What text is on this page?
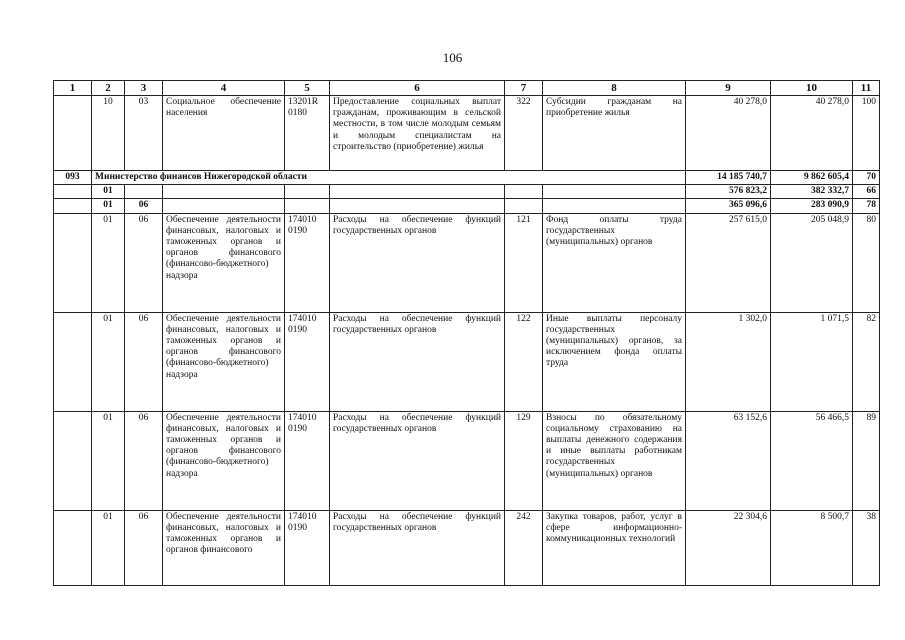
106
1	2	3	4	5	6	7	8	9	10	11
	10	03	Социальное обеспечение населения	13201R 0180	Предоставление социальных выплат гражданам, проживающим в сельской местности, в том числе молодым семьям и молодым специалистам на строительство (приобретение) жилья	322	Субсидии гражданам на приобретение жилья	40 278,0	40 278,0	100
093	Министерство финансов Нижегородской области							14 185 740,7	9 862 605,4	70
	01							576 823,2	382 332,7	66
	01	06						365 096,6	283 090,9	78
	01	06	Обеспечение деятельности финансовых, налоговых и таможенных органов и органов финансового (финансово-бюджетного) надзора	174010 0190	Расходы на обеспечение функций государственных органов	121	Фонд оплаты труда государственных (муниципальных) органов	257 615,0	205 048,9	80
	01	06	Обеспечение деятельности финансовых, налоговых и таможенных органов и органов финансового (финансово-бюджетного) надзора	174010 0190	Расходы на обеспечение функций государственных органов	122	Иные выплаты персоналу государственных (муниципальных) органов, за исключением фонда оплаты труда	1 302,0	1 071,5	82
	01	06	Обеспечение деятельности финансовых, налоговых и таможенных органов и органов финансового (финансово-бюджетного) надзора	174010 0190	Расходы на обеспечение функций государственных органов	129	Взносы по обязательному социальному страхованию на выплаты денежного содержания и иные выплаты работникам государственных (муниципальных) органов	63 152,6	56 466,5	89
	01	06	Обеспечение деятельности финансовых, налоговых и таможенных органов и органов финансового	174010 0190	Расходы на обеспечение функций государственных органов	242	Закупка товаров, работ, услуг в сфере информационно-коммуникационных технологий	22 304,6	8 500,7	38
